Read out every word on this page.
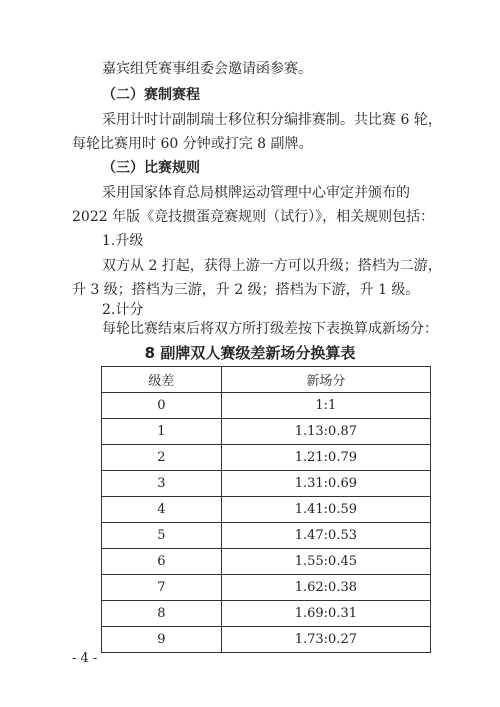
嘉宾组凭赛事组委会邀请函参赛。
（二）赛制赛程
采用计时计副制瑞士移位积分编排赛制。共比赛 6 轮，
每轮比赛用时 60 分钟或打完 8 副牌。
（三）比赛规则
采用国家体育总局棋牌运动管理中心审定并颁布的
2022 年版《竞技掼蛋竞赛规则（试行）》，相关规则包括：
1.升级
双方从 2 打起，获得上游一方可以升级；搭档为二游，
升 3 级；搭档为三游，升 2 级；搭档为下游，升 1 级。
2.计分
每轮比赛结束后将双方所打级差按下表换算成新场分：
8 副牌双人赛级差新场分换算表
级差	新场分
0	1:1
1	1.13:0.87
2	1.21:0.79
3	1.31:0.69
4	1.41:0.59
5	1.47:0.53
6	1.55:0.45
7	1.62:0.38
8	1.69:0.31
9	1.73:0.27
- 4 -
